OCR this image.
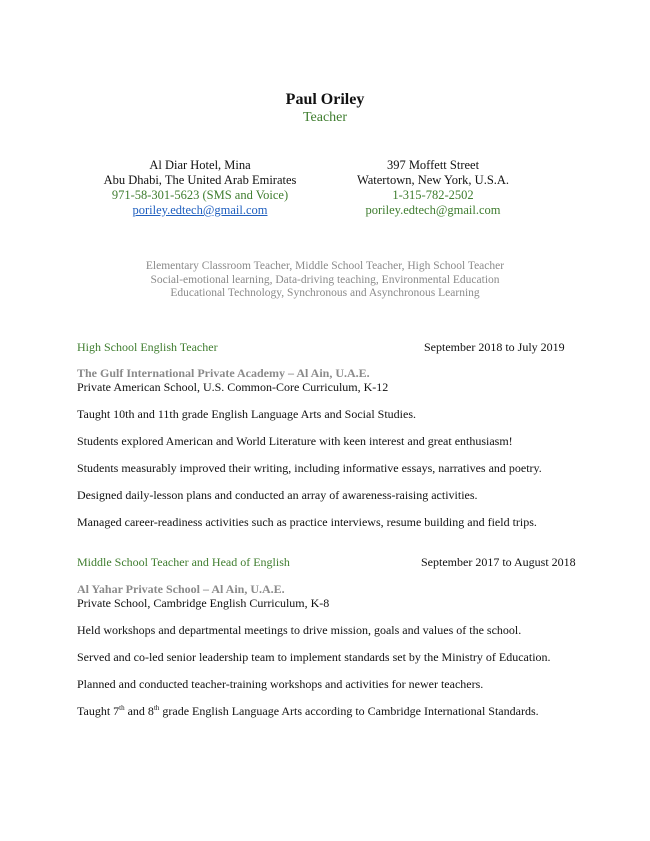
Paul Oriley
Teacher
Al Diar Hotel, Mina
Abu Dhabi, The United Arab Emirates
971-58-301-5623 (SMS and Voice)
poriley.edtech@gmail.com
397 Moffett Street
Watertown, New York, U.S.A.
1-315-782-2502
poriley.edtech@gmail.com
Elementary Classroom Teacher, Middle School Teacher, High School Teacher
Social-emotional learning, Data-driving teaching, Environmental Education
Educational Technology, Synchronous and Asynchronous Learning
High School English Teacher	September 2018 to July 2019
The Gulf International Private Academy – Al Ain, U.A.E.
Private American School, U.S. Common-Core Curriculum, K-12
Taught 10th and 11th grade English Language Arts and Social Studies.
Students explored American and World Literature with keen interest and great enthusiasm!
Students measurably improved their writing, including informative essays, narratives and poetry.
Designed daily-lesson plans and conducted an array of awareness-raising activities.
Managed career-readiness activities such as practice interviews, resume building and field trips.
Middle School Teacher and Head of English	September 2017 to August 2018
Al Yahar Private School – Al Ain, U.A.E.
Private School, Cambridge English Curriculum, K-8
Held workshops and departmental meetings to drive mission, goals and values of the school.
Served and co-led senior leadership team to implement standards set by the Ministry of Education.
Planned and conducted teacher-training workshops and activities for newer teachers.
Taught 7th and 8th grade English Language Arts according to Cambridge International Standards.
